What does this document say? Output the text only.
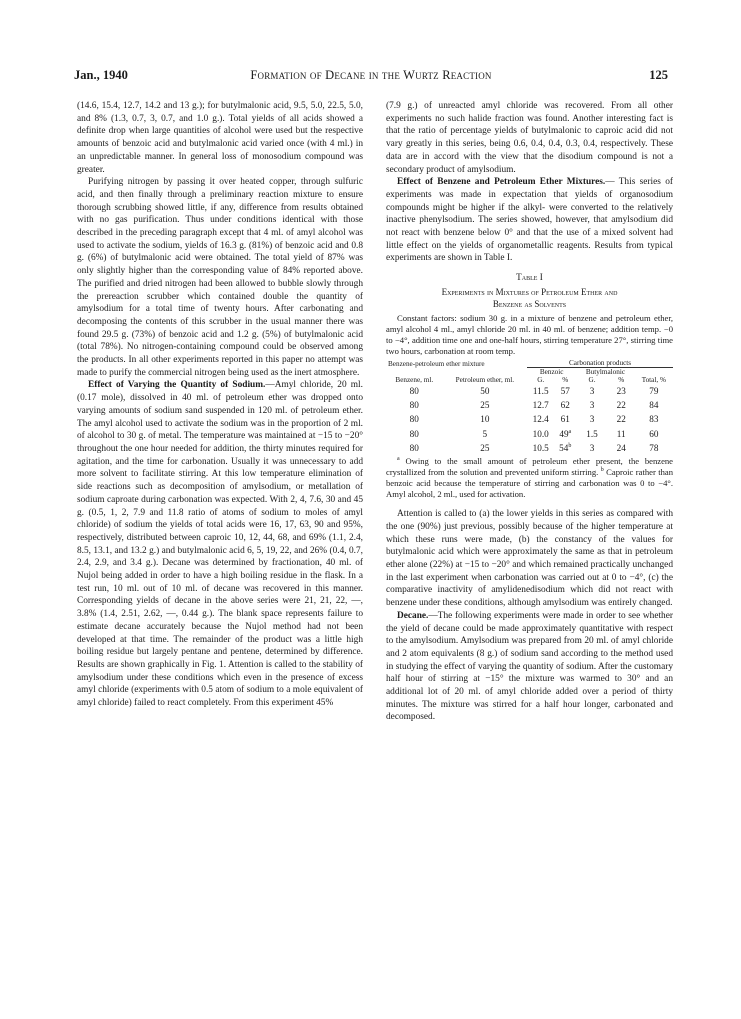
Jan., 1940	Formation of Decane in the Wurtz Reaction	125

(14.6, 15.4, 12.7, 14.2 and 13 g.); for butylmalonic acid, 9.5, 5.0, 22.5, 5.0, and 8% (1.3, 0.7, 3, 0.7, and 1.0 g.). Total yields of all acids showed a definite drop when large quantities of alcohol were used but the respective amounts of benzoic acid and butylmalonic acid varied once (with 4 ml.) in an unpredictable manner. In general loss of monosodium compound was greater.

Purifying nitrogen by passing it over heated copper, through sulfuric acid, and then finally through a preliminary reaction mixture to ensure thorough scrubbing showed little, if any, difference from results obtained with no gas purification. Thus under conditions identical with those described in the preceding paragraph except that 4 ml. of amyl alcohol was used to activate the sodium, yields of 16.3 g. (81%) of benzoic acid and 0.8 g. (6%) of butylmalonic acid were obtained. The total yield of 87% was only slightly higher than the corresponding value of 84% reported above. The purified and dried nitrogen had been allowed to bubble slowly through the prereaction scrubber which contained double the quantity of amylsodium for a total time of twenty hours. After carbonating and decomposing the contents of this scrubber in the usual manner there was found 29.5 g. (73%) of benzoic acid and 1.2 g. (5%) of butylmalonic acid (total 78%). No nitrogen-containing compound could be observed among the products. In all other experiments reported in this paper no attempt was made to purify the commercial nitrogen being used as the inert atmosphere.

Effect of Varying the Quantity of Sodium.—Amyl chloride, 20 ml. (0.17 mole), dissolved in 40 ml. of petroleum ether was dropped onto varying amounts of sodium sand suspended in 120 ml. of petroleum ether. The amyl alcohol used to activate the sodium was in the proportion of 2 ml. of alcohol to 30 g. of metal. The temperature was maintained at −15 to −20° throughout the one hour needed for addition, the thirty minutes required for agitation, and the time for carbonation. Usually it was unnecessary to add more solvent to facilitate stirring. At this low temperature elimination of side reactions such as decomposition of amylsodium, or metallation of sodium caproate during carbonation was expected. With 2, 4, 7.6, 30 and 45 g. (0.5, 1, 2, 7.9 and 11.8 ratio of atoms of sodium to moles of amyl chloride) of sodium the yields of total acids were 16, 17, 63, 90 and 95%, respectively, distributed between caproic 10, 12, 44, 68, and 69% (1.1, 2.4, 8.5, 13.1, and 13.2 g.) and butylmalonic acid 6, 5, 19, 22, and 26% (0.4, 0.7, 2.4, 2.9, and 3.4 g.). Decane was determined by fractionation, 40 ml. of Nujol being added in order to have a high boiling residue in the flask. In a test run, 10 ml. out of 10 ml. of decane was recovered in this manner. Corresponding yields of decane in the above series were 21, 21, 22, —, 3.8% (1.4, 2.51, 2.62, —, 0.44 g.). The blank space represents failure to estimate decane accurately because the Nujol method had not been developed at that time. The remainder of the product was a little high boiling residue but largely pentane and pentene, determined by difference. Results are shown graphically in Fig. 1. Attention is called to the stability of amylsodium under these conditions which even in the presence of excess amyl chloride (experiments with 0.5 atom of sodium to a mole equivalent of amyl chloride) failed to react completely. From this experiment 45%

(7.9 g.) of unreacted amyl chloride was recovered. From all other experiments no such halide fraction was found. Another interesting fact is that the ratio of percentage yields of butylmalonic to caproic acid did not vary greatly in this series, being 0.6, 0.4, 0.4, 0.3, 0.4, respectively. These data are in accord with the view that the disodium compound is not a secondary product of amylsodium.

Effect of Benzene and Petroleum Ether Mixtures.— This series of experiments was made in expectation that yields of organosodium compounds might be higher if the alkyl- were converted to the relatively inactive phenylsodium. The series showed, however, that amylsodium did not react with benzene below 0° and that the use of a mixed solvent had little effect on the yields of organometallic reagents. Results from typical experiments are shown in Table I.

Table I
Experiments in Mixtures of Petroleum Ether and
Benzene as Solvents

Constant factors: sodium 30 g. in a mixture of benzene and petroleum ether, amyl alcohol 4 ml., amyl chloride 20 ml. in 40 ml. of benzene; addition temp. −0 to −4°, addition time one and one-half hours, stirring temperature 27°, stirring time two hours, carbonation at room temp.

Benzene-petroleum ether mixture		Carbonation products				
Benzene, ml.	Petroleum ether, ml.	Benzoic		Butylmalonic		Total, %
		G.	%	G.	%	
80	50	11.5	57	3	23	79
80	25	12.7	62	3	22	84
80	10	12.4	61	3	22	83
80	5	10.0	49$^a$	1.5	11	60
80	25	10.5	54$^b$	3	24	78

$^a$ Owing to the small amount of petroleum ether present, the benzene crystallized from the solution and prevented uniform stirring. $^b$ Caproic rather than benzoic acid because the temperature of stirring and carbonation was 0 to −4°. Amyl alcohol, 2 ml., used for activation.

Attention is called to (a) the lower yields in this series as compared with the one (90%) just previous, possibly because of the higher temperature at which these runs were made, (b) the constancy of the values for butylmalonic acid which were approximately the same as that in petroleum ether alone (22%) at −15 to −20° and which remained practically unchanged in the last experiment when carbonation was carried out at 0 to −4°, (c) the comparative inactivity of amylidenedisodium which did not react with benzene under these conditions, although amylsodium was entirely changed.

Decane.—The following experiments were made in order to see whether the yield of decane could be made approximately quantitative with respect to the amylsodium. Amylsodium was prepared from 20 ml. of amyl chloride and 2 atom equivalents (8 g.) of sodium sand according to the method used in studying the effect of varying the quantity of sodium. After the customary half hour of stirring at −15° the mixture was warmed to 30° and an additional lot of 20 ml. of amyl chloride added over a period of thirty minutes. The mixture was stirred for a half hour longer, carbonated and decomposed.
